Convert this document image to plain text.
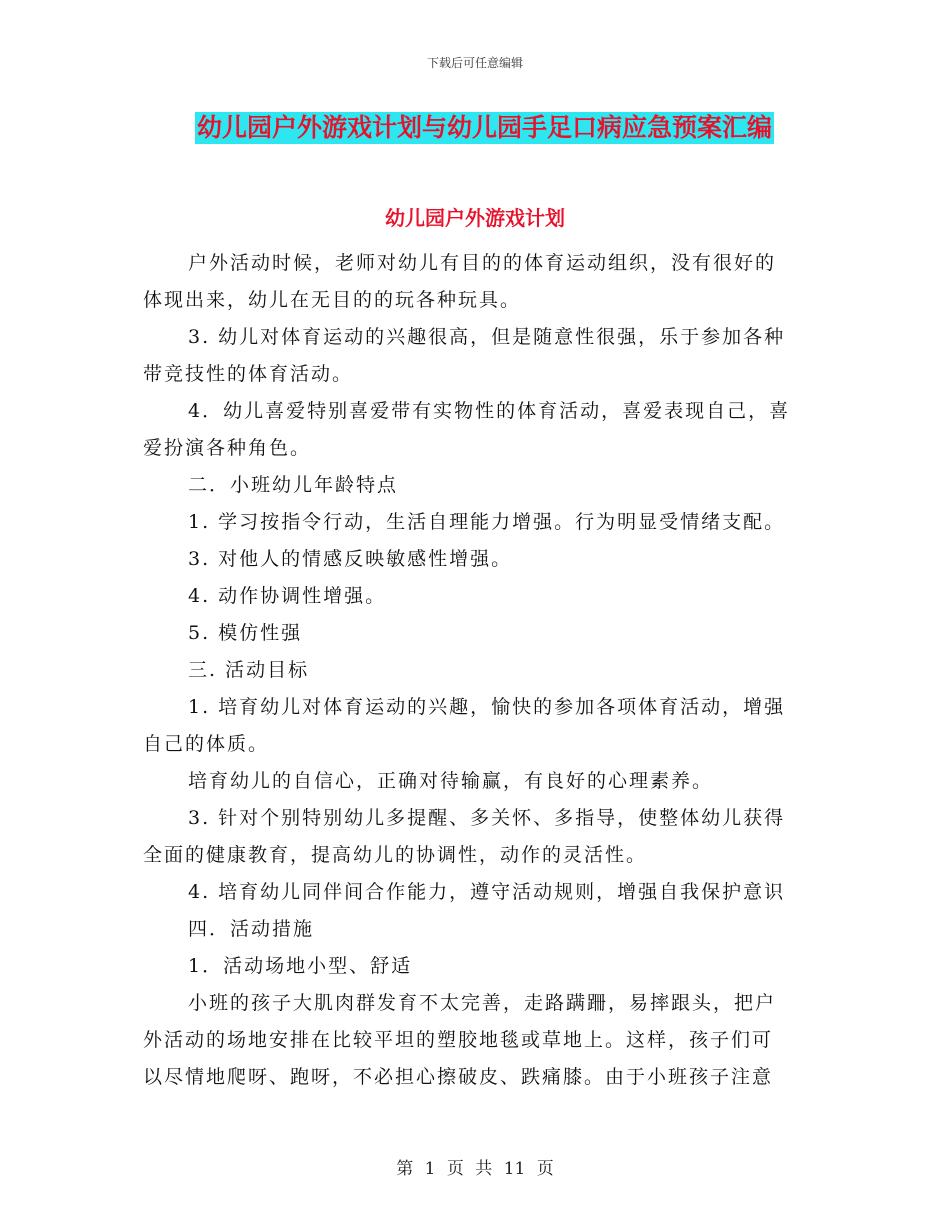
下载后可任意编辑
幼儿园户外游戏计划与幼儿园手足口病应急预案汇编
幼儿园户外游戏计划
户外活动时候，老师对幼儿有目的的体育运动组织，没有很好的
体现出来，幼儿在无目的的玩各种玩具。
3. 幼儿对体育运动的兴趣很高，但是随意性很强，乐于参加各种
带竞技性的体育活动。
4．幼儿喜爱特别喜爱带有实物性的体育活动，喜爱表现自己，喜
爱扮演各种角色。
二．小班幼儿年龄特点
1. 学习按指令行动，生活自理能力增强。行为明显受情绪支配。
3. 对他人的情感反映敏感性增强。
4. 动作协调性增强。
5. 模仿性强
三. 活动目标
1. 培育幼儿对体育运动的兴趣，愉快的参加各项体育活动，增强
自己的体质。
培育幼儿的自信心，正确对待输赢，有良好的心理素养。
3. 针对个别特别幼儿多提醒、多关怀、多指导，使整体幼儿获得
全面的健康教育，提高幼儿的协调性，动作的灵活性。
4. 培育幼儿同伴间合作能力，遵守活动规则，增强自我保护意识
四．活动措施
1．活动场地小型、舒适
小班的孩子大肌肉群发育不太完善，走路蹒跚，易摔跟头，把户
外活动的场地安排在比较平坦的塑胶地毯或草地上。这样，孩子们可
以尽情地爬呀、跑呀，不必担心擦破皮、跌痛膝。由于小班孩子注意
第 1 页 共 11 页
